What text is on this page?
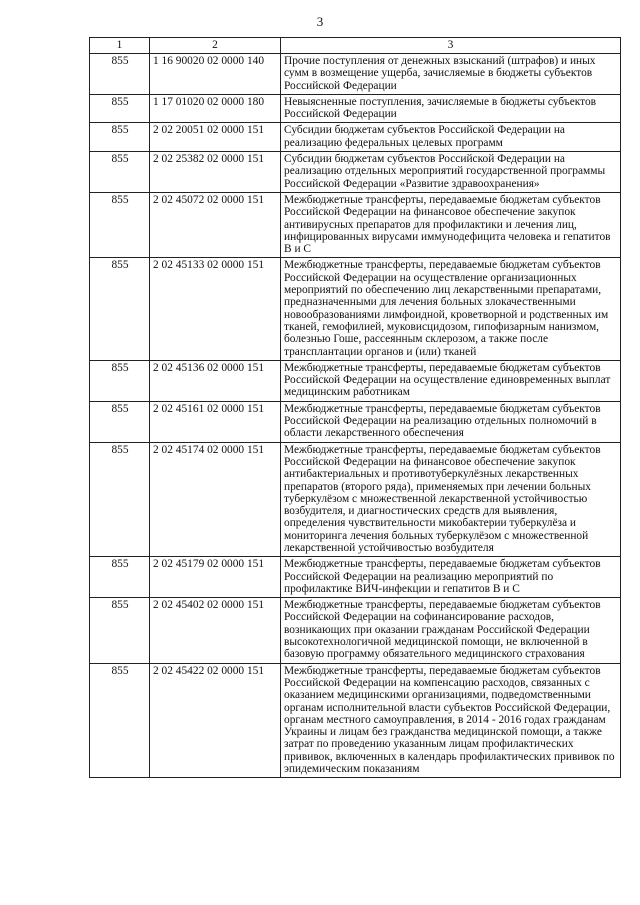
3
1	2	3
855	1 16 90020 02 0000 140	Прочие поступления от денежных взысканий (штрафов) и иных сумм в возмещение ущерба, зачисляемые в бюджеты субъектов Российской Федерации
855	1 17 01020 02 0000 180	Невыясненные поступления, зачисляемые в бюджеты субъектов Российской Федерации
855	2 02 20051 02 0000 151	Субсидии бюджетам субъектов Российской Федерации на реализацию федеральных целевых программ
855	2 02 25382 02 0000 151	Субсидии бюджетам субъектов Российской Федерации на реализацию отдельных мероприятий государственной программы Российской Федерации «Развитие здравоохранения»
855	2 02 45072 02 0000 151	Межбюджетные трансферты, передаваемые бюджетам субъектов Российской Федерации на финансовое обеспечение закупок антивирусных препаратов для профилактики и лечения лиц, инфицированных вирусами иммунодефицита человека и гепатитов В и С
855	2 02 45133 02 0000 151	Межбюджетные трансферты, передаваемые бюджетам субъектов Российской Федерации на осуществление организационных мероприятий по обеспечению лиц лекарственными препаратами, предназначенными для лечения больных злокачественными новообразованиями лимфоидной, кроветворной и родственных им тканей, гемофилией, муковисцидозом, гипофизарным нанизмом, болезнью Гоше, рассеянным склерозом, а также после трансплантации органов и (или) тканей
855	2 02 45136 02 0000 151	Межбюджетные трансферты, передаваемые бюджетам субъектов Российской Федерации на осуществление единовременных выплат медицинским работникам
855	2 02 45161 02 0000 151	Межбюджетные трансферты, передаваемые бюджетам субъектов Российской Федерации на реализацию отдельных полномочий в области лекарственного обеспечения
855	2 02 45174 02 0000 151	Межбюджетные трансферты, передаваемые бюджетам субъектов Российской Федерации на финансовое обеспечение закупок антибактериальных и противотуберкулёзных лекарственных препаратов (второго ряда), применяемых при лечении больных туберкулёзом с множественной лекарственной устойчивостью возбудителя, и диагностических средств для выявления, определения чувствительности микобактерии туберкулёза и мониторинга лечения больных туберкулёзом с множественной лекарственной устойчивостью возбудителя
855	2 02 45179 02 0000 151	Межбюджетные трансферты, передаваемые бюджетам субъектов Российской Федерации на реализацию мероприятий по профилактике ВИЧ-инфекции и гепатитов В и С
855	2 02 45402 02 0000 151	Межбюджетные трансферты, передаваемые бюджетам субъектов Российской Федерации на софинансирование расходов, возникающих при оказании гражданам Российской Федерации высокотехнологичной медицинской помощи, не включенной в базовую программу обязательного медицинского страхования
855	2 02 45422 02 0000 151	Межбюджетные трансферты, передаваемые бюджетам субъектов Российской Федерации на компенсацию расходов, связанных с оказанием медицинскими организациями, подведомственными органам исполнительной власти субъектов Российской Федерации, органам местного самоуправления, в 2014 - 2016 годах гражданам Украины и лицам без гражданства медицинской помощи, а также затрат по проведению указанным лицам профилактических прививок, включенных в календарь профилактических прививок по эпидемическим показаниям
